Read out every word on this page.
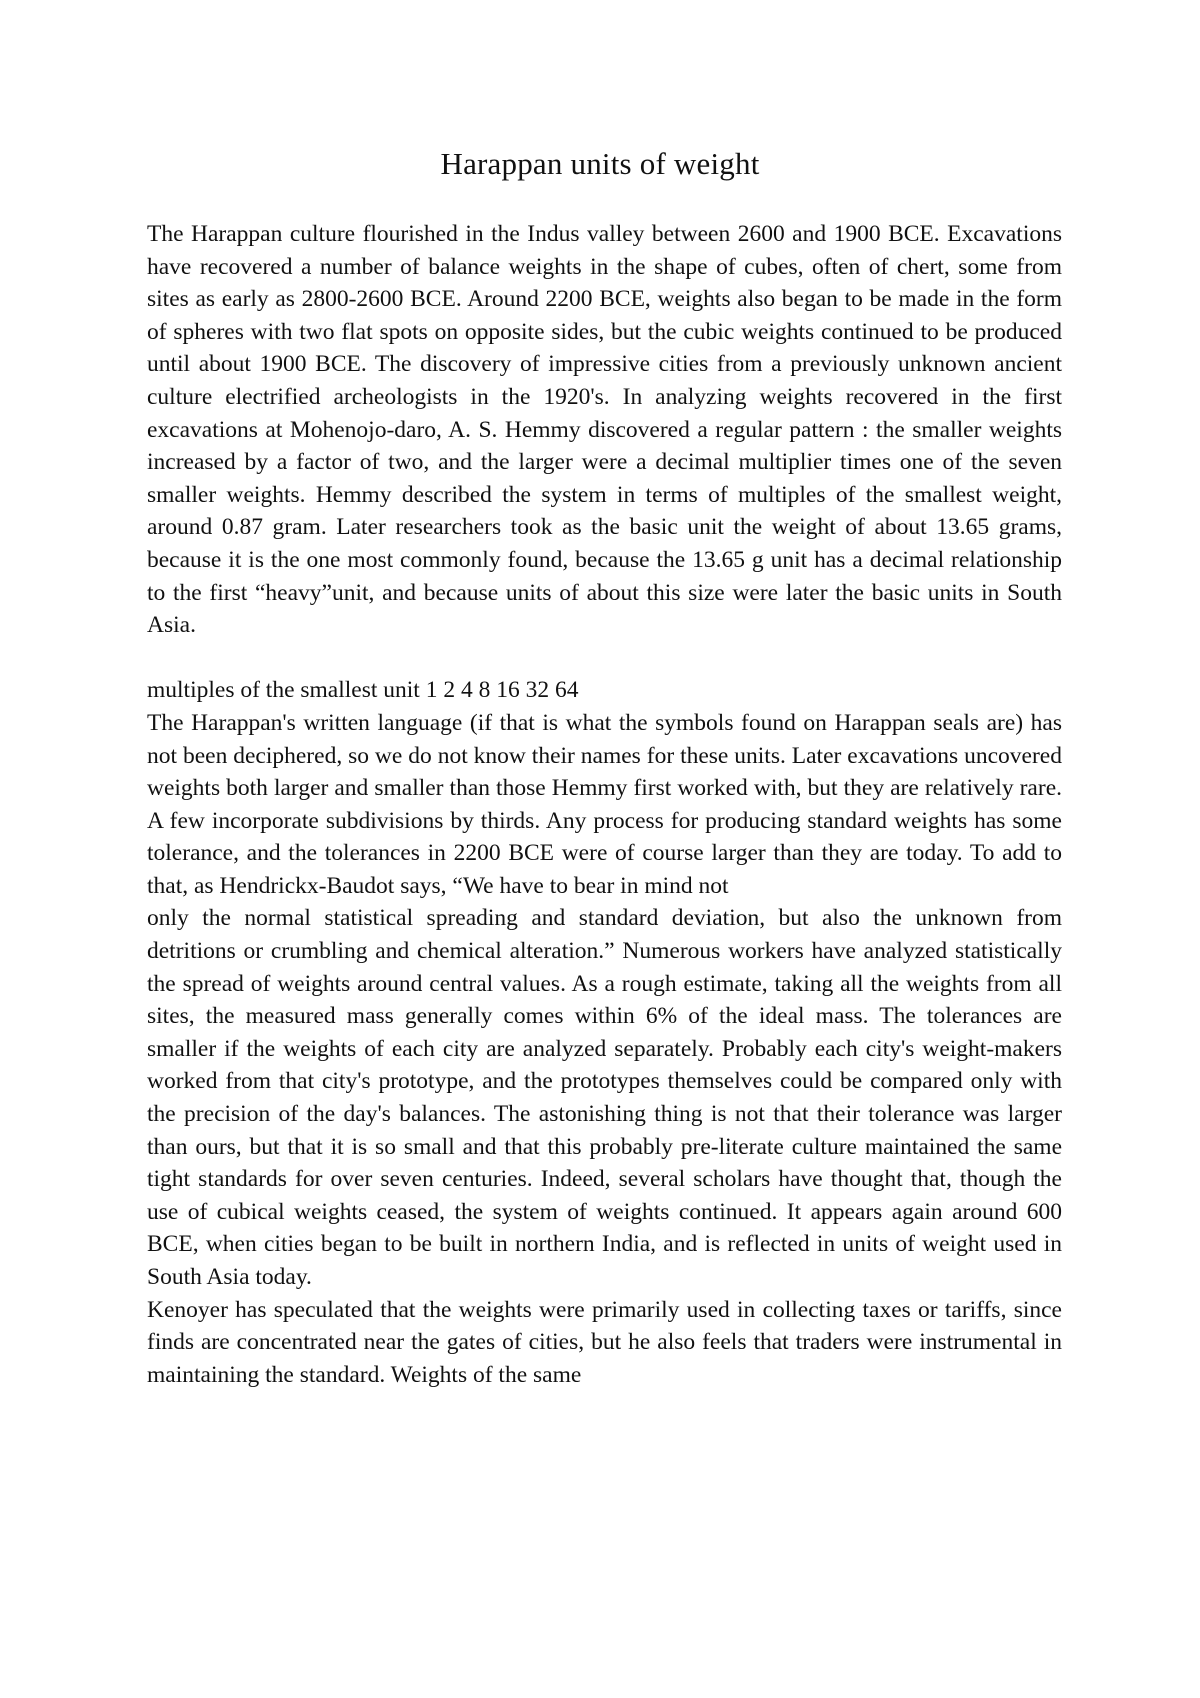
Harappan units of weight

The Harappan culture flourished in the Indus valley between 2600 and 1900 BCE. Excavations have recovered a number of balance weights in the shape of cubes, often of chert, some from sites as early as 2800-2600 BCE. Around 2200 BCE, weights also began to be made in the form of spheres with two flat spots on opposite sides, but the cubic weights continued to be produced until about 1900 BCE. The discovery of impressive cities from a previously unknown ancient culture electrified archeologists in the 1920's. In analyzing weights recovered in the first excavations at Mohenojo-daro, A. S. Hemmy discovered a regular pattern : the smaller weights increased by a factor of two, and the larger were a decimal multiplier times one of the seven smaller weights. Hemmy described the system in terms of multiples of the smallest weight, around 0.87 gram. Later researchers took as the basic unit the weight of about 13.65 grams, because it is the one most commonly found, because the 13.65 g unit has a decimal relationship to the first “heavy”unit, and because units of about this size were later the basic units in South Asia.

multiples of the smallest unit 1 2 4 8 16 32 64

The Harappan's written language (if that is what the symbols found on Harappan seals are) has not been deciphered, so we do not know their names for these units. Later excavations uncovered weights both larger and smaller than those Hemmy first worked with, but they are relatively rare. A few incorporate subdivisions by thirds. Any process for producing standard weights has some tolerance, and the tolerances in 2200 BCE were of course larger than they are today. To add to that, as Hendrickx-Baudot says, “We have to bear in mind not

only the normal statistical spreading and standard deviation, but also the unknown from detritions or crumbling and chemical alteration.” Numerous workers have analyzed statistically the spread of weights around central values. As a rough estimate, taking all the weights from all sites, the measured mass generally comes within 6% of the ideal mass. The tolerances are smaller if the weights of each city are analyzed separately. Probably each city's weight-makers worked from that city's prototype, and the prototypes themselves could be compared only with the precision of the day's balances. The astonishing thing is not that their tolerance was larger than ours, but that it is so small and that this probably pre-literate culture maintained the same tight standards for over seven centuries. Indeed, several scholars have thought that, though the use of cubical weights ceased, the system of weights continued. It appears again around 600 BCE, when cities began to be built in northern India, and is reflected in units of weight used in South Asia today.

Kenoyer has speculated that the weights were primarily used in collecting taxes or tariffs, since finds are concentrated near the gates of cities, but he also feels that traders were instrumental in maintaining the standard. Weights of the same
